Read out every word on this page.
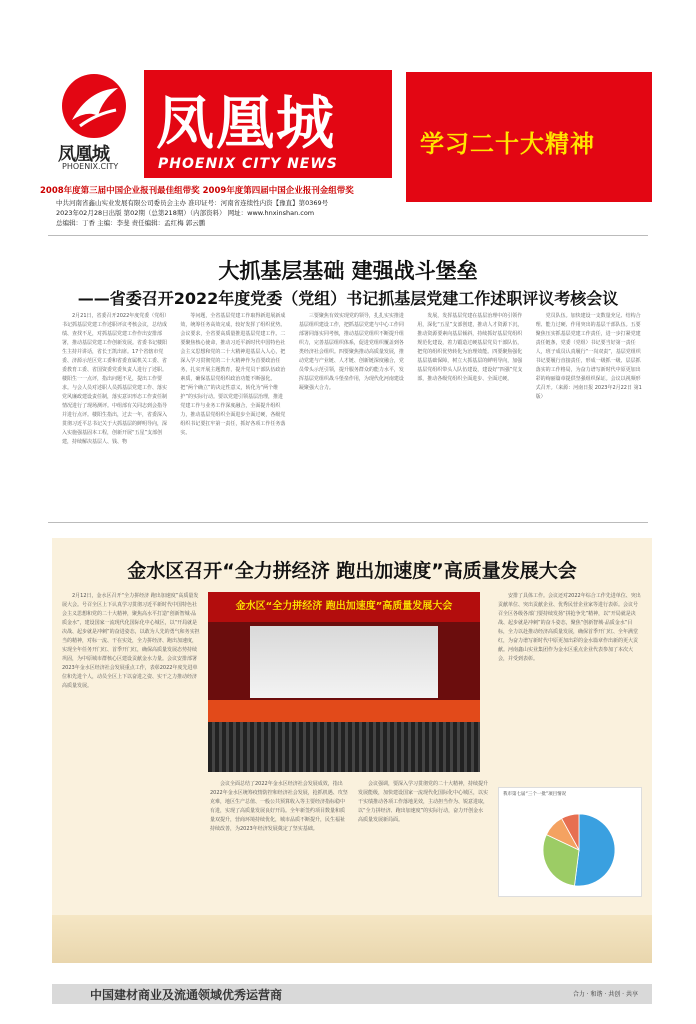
凤凰城
PHOENIX.CITY
凤凰城
PHOENIX CITY NEWS
学习二十大精神
2008年度第三届中国企业报刊最佳组带奖 2009年度第四届中国企业报刊金组带奖
中共河南省鑫山实业发展有限公司委员会主办 准印证号：河南省连续性内资【豫直】第0369号
2023年02月28日出版 第02期（总第218期）（内部资料） 网址：www.hnxinshan.com
总编辑：丁香 主编：李斐 责任编辑：孟红梅 郭云鹏
大抓基层基础 建强战斗堡垒
——省委召开2022年度党委（党组）书记抓基层党建工作述职评议考核会议
2月21日，省委召开2022年度党委（党组）书记抓基层党建工作述职评议考核会议，总结成绩、查找不足，对抓基层党建工作作出安排部署，推动基层党建工作创新发展。省委书记楼阳生主持并讲话，省长王凯出席。17个省辖市党委、济源示范区党工委和省委直属机关工委、省委教育工委、省国资委党委负责人进行了述职。楼阳生一一点评，指出问题不足，提出工作要求。与会人员对述职人员抓基层党建工作、落实党风廉政建设责任制，落实意识形态工作责任制情况进行了现场测评。中组部有关同志到会指导并进行点评。楼阳生指出，过去一年，省委深入贯彻习近平总书记关于大抓基层的鲜明导向，深入实施强基固本工程，创新开展“五星”支部创建，持续解决基层人、钱、物
等问题，全省基层党建工作取得新进展新成效，统筹任务高效完成，较好发挥了组织优势。会议要求，全省要高质量推进基层党建工作。二要聚焦核心使命，推动习近平新时代中国特色社会主义思想和党的二十大精神进基层入人心，把深入学习贯彻党的二十大精神作为首要政治任务，扎实开展主题教育，提升党员干部队伍政治素质，确保基层党组织政治功能不断强化。把“两个确立”的决定性意义，转化为“两个维护”的实际行动。要以党建引领基层治理，推进党建工作与业务工作深度融合，全面提升组织力，推动基层党组织全面进步全面过硬，各级党组织书记要扛牢第一责任，抓好各项工作任务落实。
三要聚焦有效实现党的领导，扎扎实实推进基层组织建设工作，把抓基层党建与中心工作同部署同落实同考核，推动基层党组织不断提升组织力，完善基层组织体系，促进党组织覆盖到各类经济社会组织。四要聚焦推动高质量发展，推动党建与产业链、人才链、创新链深度融合，党员带头示范引领，提升服务群众的能力水平，发挥基层党组织战斗堡垒作用，为现代化河南建设凝聚强大合力。
发展，发挥基层党建在基层治理中的引领作用，深化“五星”支部创建，推动人才资源下沉，推动资源要素向基层倾斜，持续抓好基层党组织规范化建设，着力锻造过硬基层党员干部队伍，把党的组织优势转化为治理效能。四要聚焦强化基层基础保障，树立大抓基层的鲜明导向，加强基层党组织带头人队伍建设，建设好“四强”党支部，推动各级党组织全面进步、全面过硬。
党员队伍。加快建设一支数量充足、结构合理、能力过硬、作用突出的基层干部队伍。五要聚焦压实抓基层党建工作责任，进一步打紧党建责任链条，党委（党组）书记要当好第一责任人，班子成员认真履行“一岗双责”，基层党组织书记要履行直接责任，形成一级抓一级、层层抓落实的工作格局，为奋力谱写新时代中原更加出彩的绚丽篇章提供坚强组织保证。会议以视频形式召开。（来源：河南日报 2023年2月22日 第1版）
金水区召开“全力拼经济 跑出加速度”高质量发展大会
2月12日，金水区召开“全力拼经济 跑出加速度”高质量发展大会。号召全区上下认真学习贯彻习近平新时代中国特色社会主义思想和党的二十大精神，聚焦高水平打造“创新智城·品质金水”，建设国家一流现代化国际化中心城区，以“开局就是决战、起步就是冲刺”的奋进姿态，以敢为人先的勇气和务实担当的精神，对标一流、干在实处，全力拼经济、跑出加速度，实现全年任务开门红、首季开门红，确保高质量发展态势持续巩固，为中原城市群核心区建设贡献金水力量。会议安排部署2023年金水区经济社会发展重点工作，表彰2022年度先进单位和先进个人，动员全区上下以奋进之姿、实干之力推动经济高质量发展。
会议全面总结了2022年金水区经济社会发展成效，指出2022年金水区统筹疫情防控和经济社会发展，抢抓机遇、攻坚克难，地区生产总值、一般公共预算收入等主要经济指标稳中有进，实现了高质量发展良好开局。全年新签约项目数量和质量双提升，营商环境持续优化，城市品质不断提升，民生福祉持续改善，为2023年经济发展奠定了坚实基础。
会议强调，要深入学习贯彻党的二十大精神，持续提升发展能级，加快建设国家一流现代化国际化中心城区，以实干实绩推动各项工作落地见效，主动担当作为、锐意进取，以“全力拼经济、跑出加速度”的实际行动，奋力开创金水高质量发展新局面。
安排了具体工作。会议还对2022年综合工作先进单位、突出贡献单位、突出贡献企业、优秀民营企业家等进行表彰。会议号召全区各级各部门要持续发扬“拼抢争先”精神，以“开局就是决战、起步就是冲刺”的奋斗姿态，聚焦“创新智城·品质金水”目标，全力以赴推动经济高质量发展，确保首季开门红、全年满堂红，为奋力谱写新时代中原更加出彩的金水篇章作出新的更大贡献。河南鑫山实业集团作为金水区重点企业代表参加了本次大会，并受到表彰。
金水区“全力拼经济 跑出加速度”高质量发展大会
我市第七届“三个一批”项目情况
中国建材商业及流通领域优秀运营商	合力 · 和谐 · 共创 · 共享
